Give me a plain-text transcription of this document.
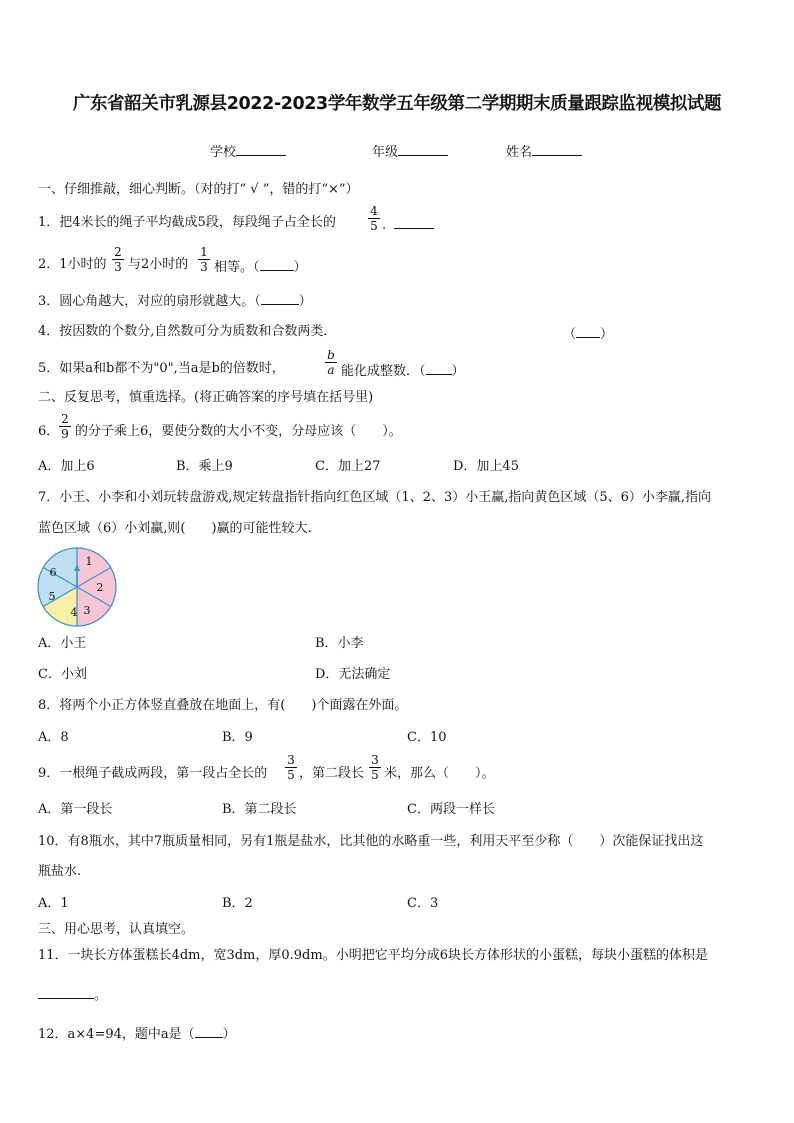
广东省韶关市乳源县2022-2023学年数学五年级第二学期期末质量跟踪监视模拟试题
学校	年级	姓名
一、仔细推敲，细心判断。（对的打“ √ ”，错的打“×”）
1．把4米长的绳子平均截成5段，每段绳子占全长的	$\frac{4}{5}$ .
2．1小时的 $\frac{2}{3}$ 与2小时的 $\frac{1}{3}$ 相等。（	）
3．圆心角越大，对应的扇形就越大。（	）
4．按因数的个数分,自然数可分为质数和合数两类．	（ ）
5．如果a和b都不为"0",当a是b的倍数时，	$\frac{b}{a}$ 能化成整数．（ ）
二、反复思考，慎重选择。(将正确答案的序号填在括号里)
6． $\frac{2}{9}$ 的分子乘上6，要使分数的大小不变，分母应该（　　）。
A．加上6	B．乘上9	C．加上27	D．加上45
7．小王、小李和小刘玩转盘游戏,规定转盘指针指向红色区域（1、2、3）小王赢,指向黄色区域（5、6）小李赢,指向
蓝色区域（6）小刘赢,则(　　)赢的可能性较大.
1
2
3
4
5
6
A．小王	B．小李
C．小刘	D．无法确定
8．将两个小正方体竖直叠放在地面上，有(　　)个面露在外面。
A．8	B．9	C．10
9．一根绳子截成两段，第一段占全长的 $\frac{3}{5}$ ，第二段长 $\frac{3}{5}$ 米，那么（　　）。
A．第一段长	B．第二段长	C．两段一样长
10．有8瓶水，其中7瓶质量相同，另有1瓶是盐水，比其他的水略重一些，利用天平至少称（　　）次能保证找出这
瓶盐水.
A．1	B．2	C．3
三、用心思考，认真填空。
11．一块长方体蛋糕长4dm，宽3dm，厚0.9dm。小明把它平均分成6块长方体形状的小蛋糕，每块小蛋糕的体积是
。
12．a×4=94，题中a是（ ）
